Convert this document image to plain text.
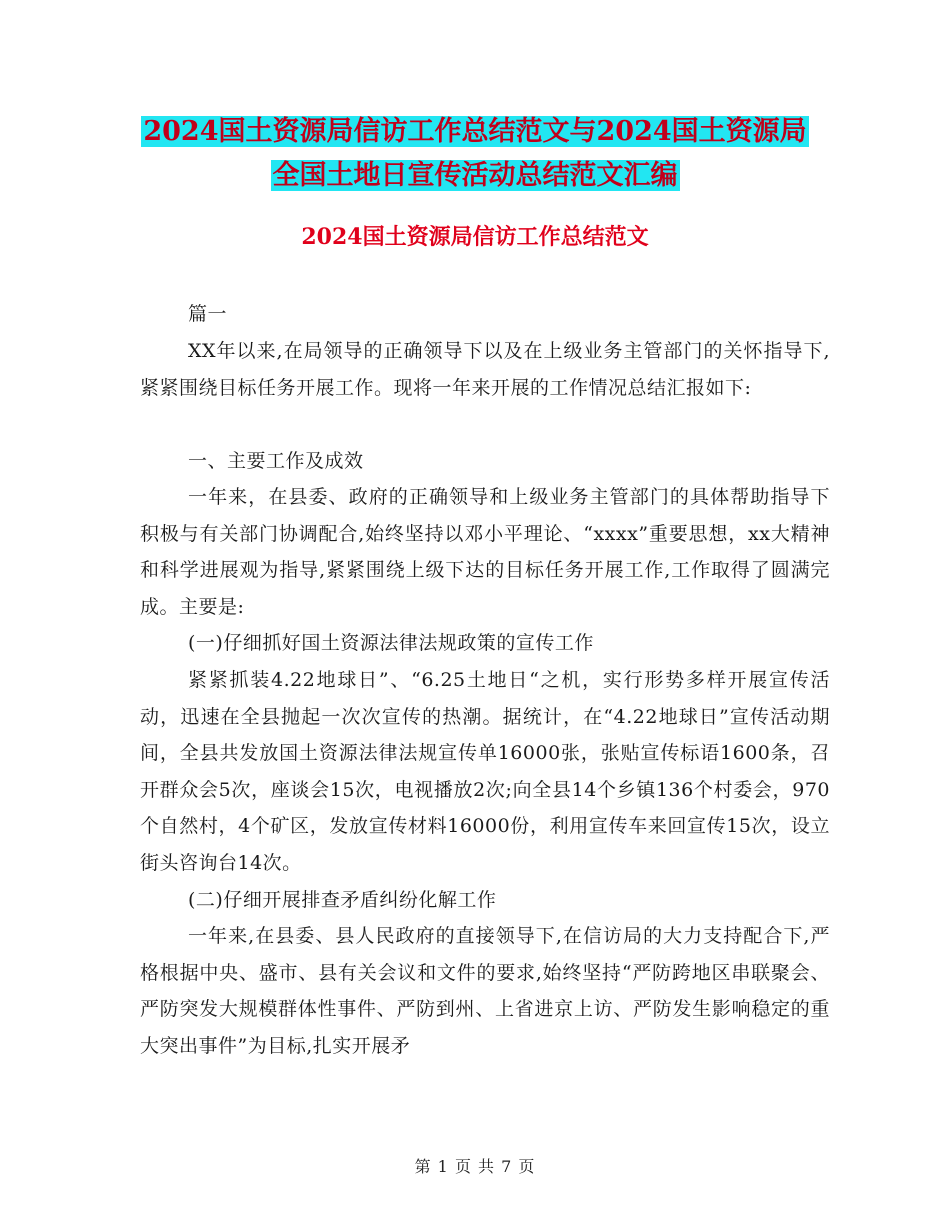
2024国土资源局信访工作总结范文与2024国土资源局
全国土地日宣传活动总结范文汇编
2024国土资源局信访工作总结范文
篇一
XX年以来,在局领导的正确领导下以及在上级业务主管部门的关怀指导下,紧紧围绕目标任务开展工作。现将一年来开展的工作情况总结汇报如下:
一、主要工作及成效
一年来，在县委、政府的正确领导和上级业务主管部门的具体帮助指导下积极与有关部门协调配合,始终坚持以邓小平理论、“xxxx”重要思想，xx大精神和科学进展观为指导,紧紧围绕上级下达的目标任务开展工作,工作取得了圆满完成。主要是:
(一)仔细抓好国土资源法律法规政策的宣传工作
紧紧抓装4.22地球日”、“6.25土地日“之机，实行形势多样开展宣传活动，迅速在全县抛起一次次宣传的热潮。据统计，在“4.22地球日”宣传活动期间，全县共发放国土资源法律法规宣传单16000张，张贴宣传标语1600条，召开群众会5次，座谈会15次，电视播放2次;向全县14个乡镇136个村委会，970个自然村，4个矿区，发放宣传材料16000份，利用宣传车来回宣传15次，设立街头咨询台14次。
(二)仔细开展排查矛盾纠纷化解工作
一年来,在县委、县人民政府的直接领导下,在信访局的大力支持配合下,严格根据中央、盛市、县有关会议和文件的要求,始终坚持“严防跨地区串联聚会、严防突发大规模群体性事件、严防到州、上省进京上访、严防发生影响稳定的重大突出事件”为目标,扎实开展矛
第 1 页 共 7 页
